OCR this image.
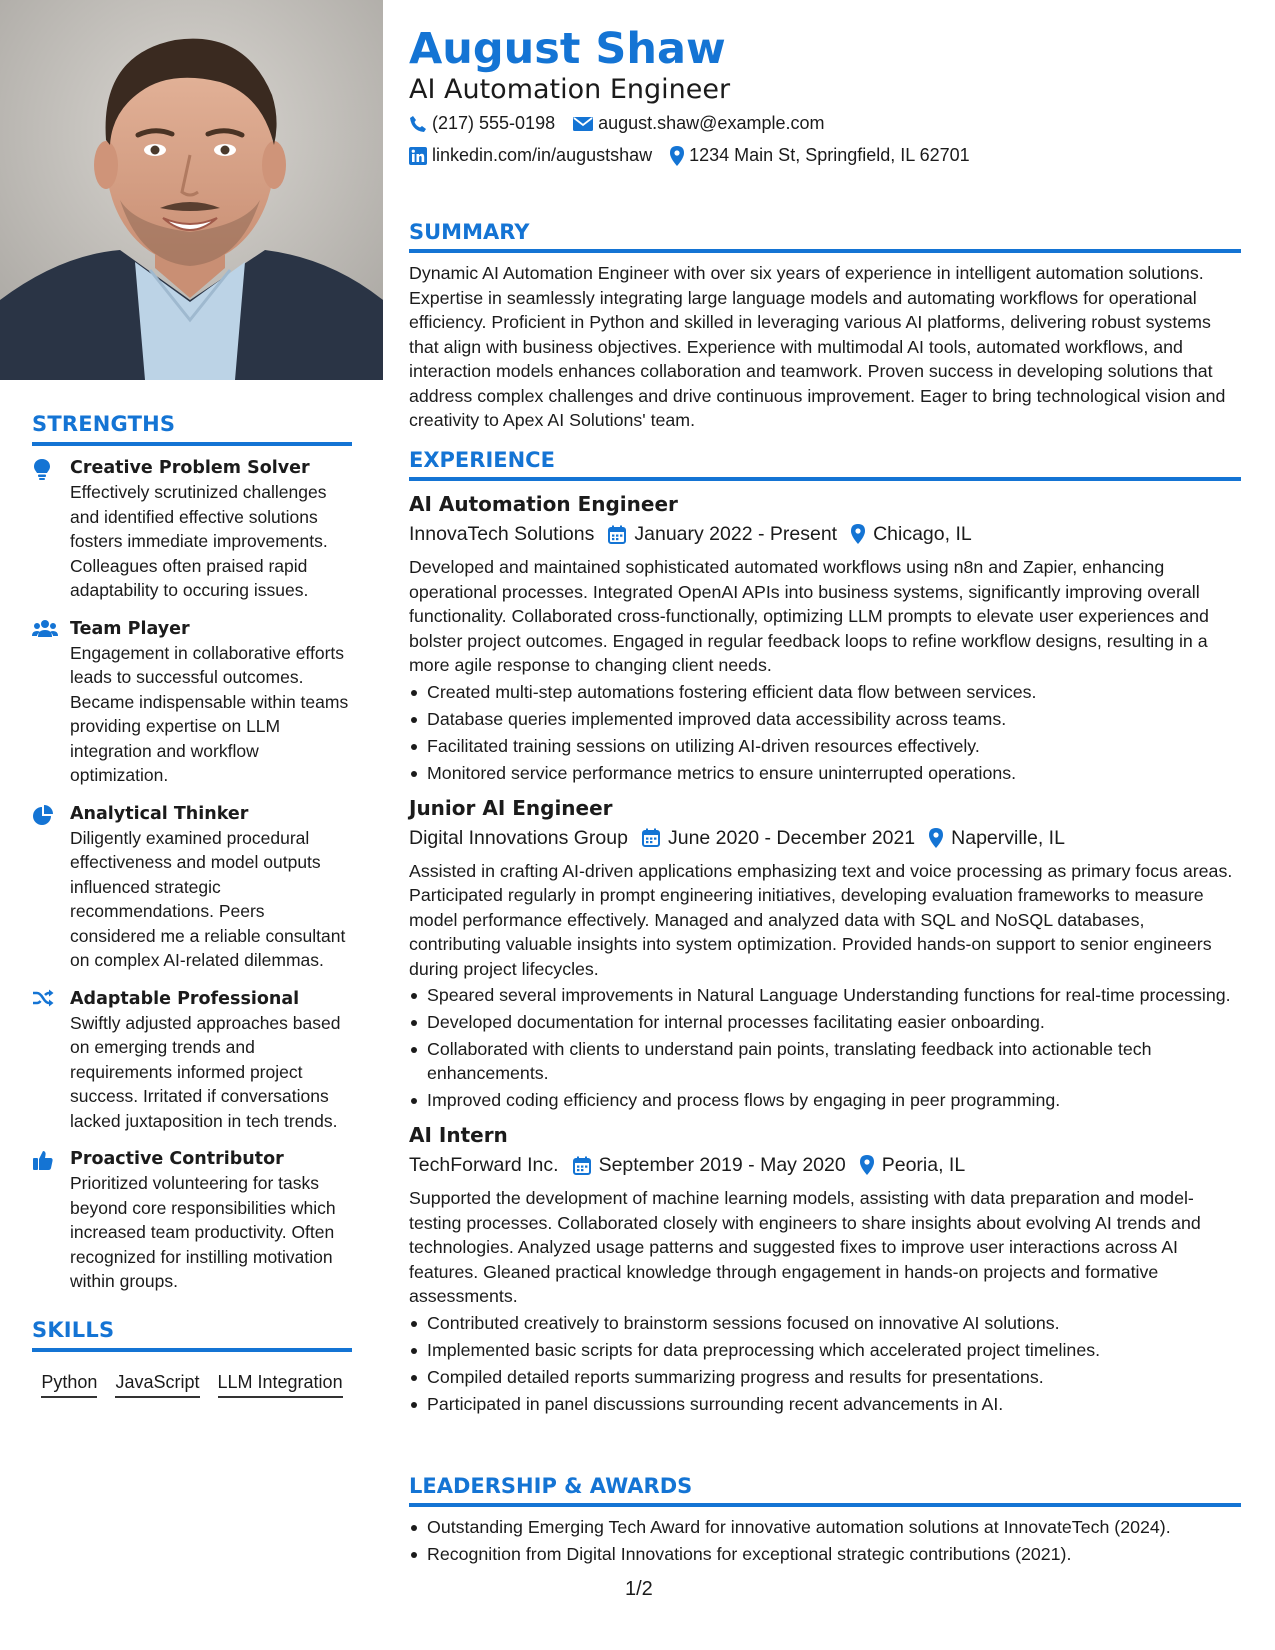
STRENGTHS
Creative Problem Solver
Effectively scrutinized challenges and identified effective solutions fosters immediate improvements. Colleagues often praised rapid adaptability to occuring issues.
Team Player
Engagement in collaborative efforts leads to successful outcomes. Became indispensable within teams providing expertise on LLM integration and workflow optimization.
Analytical Thinker
Diligently examined procedural effectiveness and model outputs influenced strategic recommendations. Peers considered me a reliable consultant on complex AI-related dilemmas.
Adaptable Professional
Swiftly adjusted approaches based on emerging trends and requirements informed project success. Irritated if conversations lacked juxtaposition in tech trends.
Proactive Contributor
Prioritized volunteering for tasks beyond core responsibilities which increased team productivity. Often recognized for instilling motivation within groups.
SKILLS
Python JavaScript LLM Integration
August Shaw
AI Automation Engineer
(217) 555-0198 august.shaw@example.com
linkedin.com/in/augustshaw 1234 Main St, Springfield, IL 62701
SUMMARY
Dynamic AI Automation Engineer with over six years of experience in intelligent automation solutions. Expertise in seamlessly integrating large language models and automating workflows for operational efficiency. Proficient in Python and skilled in leveraging various AI platforms, delivering robust systems that align with business objectives. Experience with multimodal AI tools, automated workflows, and interaction models enhances collaboration and teamwork. Proven success in developing solutions that address complex challenges and drive continuous improvement. Eager to bring technological vision and creativity to Apex AI Solutions' team.
EXPERIENCE
AI Automation Engineer
InnovaTech Solutions January 2022 - Present Chicago, IL
Developed and maintained sophisticated automated workflows using n8n and Zapier, enhancing operational processes. Integrated OpenAI APIs into business systems, significantly improving overall functionality. Collaborated cross-functionally, optimizing LLM prompts to elevate user experiences and bolster project outcomes. Engaged in regular feedback loops to refine workflow designs, resulting in a more agile response to changing client needs.
Created multi-step automations fostering efficient data flow between services.
Database queries implemented improved data accessibility across teams.
Facilitated training sessions on utilizing AI-driven resources effectively.
Monitored service performance metrics to ensure uninterrupted operations.
Junior AI Engineer
Digital Innovations Group June 2020 - December 2021 Naperville, IL
Assisted in crafting AI-driven applications emphasizing text and voice processing as primary focus areas. Participated regularly in prompt engineering initiatives, developing evaluation frameworks to measure model performance effectively. Managed and analyzed data with SQL and NoSQL databases, contributing valuable insights into system optimization. Provided hands-on support to senior engineers during project lifecycles.
Speared several improvements in Natural Language Understanding functions for real-time processing.
Developed documentation for internal processes facilitating easier onboarding.
Collaborated with clients to understand pain points, translating feedback into actionable tech enhancements.
Improved coding efficiency and process flows by engaging in peer programming.
AI Intern
TechForward Inc. September 2019 - May 2020 Peoria, IL
Supported the development of machine learning models, assisting with data preparation and model-testing processes. Collaborated closely with engineers to share insights about evolving AI trends and technologies. Analyzed usage patterns and suggested fixes to improve user interactions across AI features. Gleaned practical knowledge through engagement in hands-on projects and formative assessments.
Contributed creatively to brainstorm sessions focused on innovative AI solutions.
Implemented basic scripts for data preprocessing which accelerated project timelines.
Compiled detailed reports summarizing progress and results for presentations.
Participated in panel discussions surrounding recent advancements in AI.
LEADERSHIP & AWARDS
Outstanding Emerging Tech Award for innovative automation solutions at InnovateTech (2024).
Recognition from Digital Innovations for exceptional strategic contributions (2021).
1/2
